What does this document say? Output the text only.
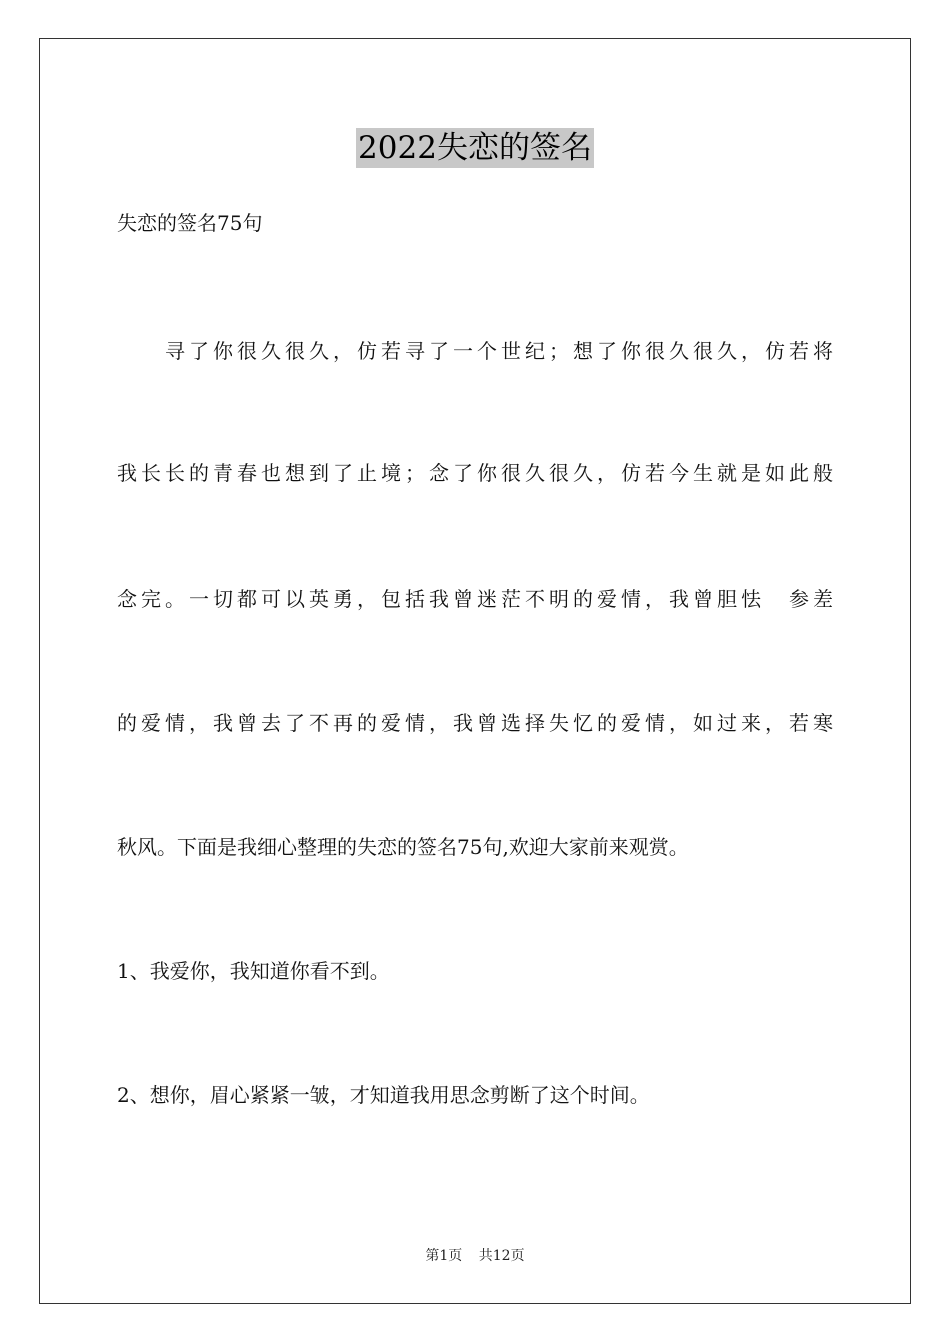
2022失恋的签名
失恋的签名75句
寻了你很久很久，仿若寻了一个世纪；想了你很久很久，仿若将
我长长的青春也想到了止境；念了你很久很久，仿若今生就是如此般
念完。一切都可以英勇，包括我曾迷茫不明的爱情，我曾胆怯　参差
的爱情，我曾去了不再的爱情，我曾选择失忆的爱情，如过来，若寒
秋风。下面是我细心整理的失恋的签名75句,欢迎大家前来观赏。
1、我爱你，我知道你看不到。
2、想你，眉心紧紧一皱，才知道我用思念剪断了这个时间。
第1页 共12页
